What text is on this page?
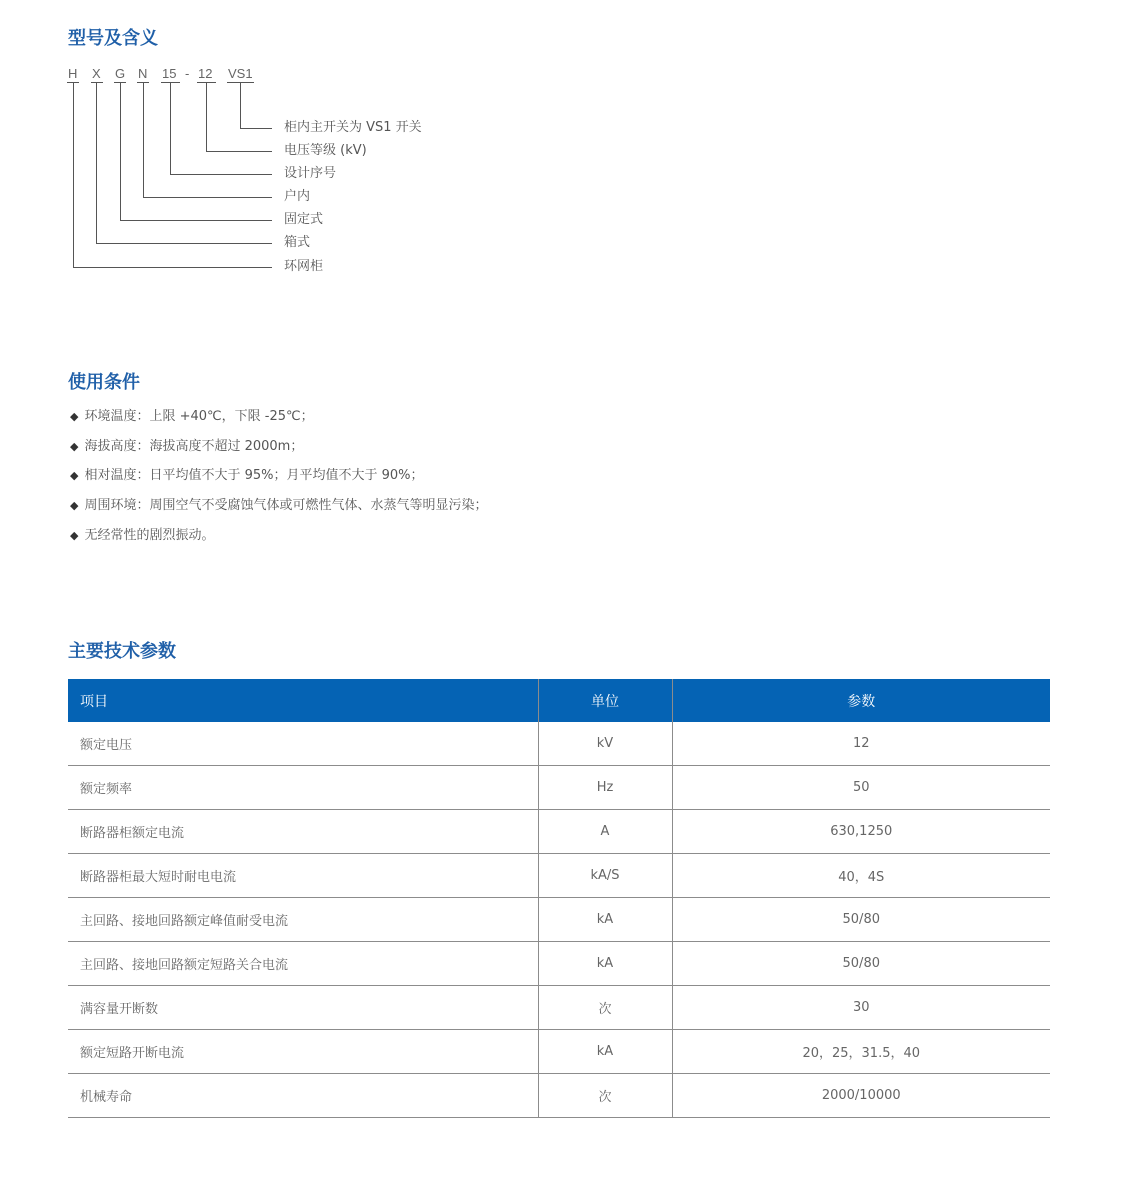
型号及含义
H X G N 15 - 12 VS1
柜内主开关为 VS1 开关
电压等级 (kV)
设计序号
户内
固定式
箱式
环网柜
使用条件
◆ 环境温度：上限 +40℃，下限 -25℃；
◆ 海拔高度：海拔高度不超过 2000m；
◆ 相对温度：日平均值不大于 95%；月平均值不大于 90%；
◆ 周围环境：周围空气不受腐蚀气体或可燃性气体、水蒸气等明显污染；
◆ 无经常性的剧烈振动。
主要技术参数
项目	单位	参数
额定电压	kV	12
额定频率	Hz	50
断路器柜额定电流	A	630,1250
断路器柜最大短时耐电电流	kA/S	40，4S
主回路、接地回路额定峰值耐受电流	kA	50/80
主回路、接地回路额定短路关合电流	kA	50/80
满容量开断数	次	30
额定短路开断电流	kA	20，25，31.5，40
机械寿命	次	2000/10000
